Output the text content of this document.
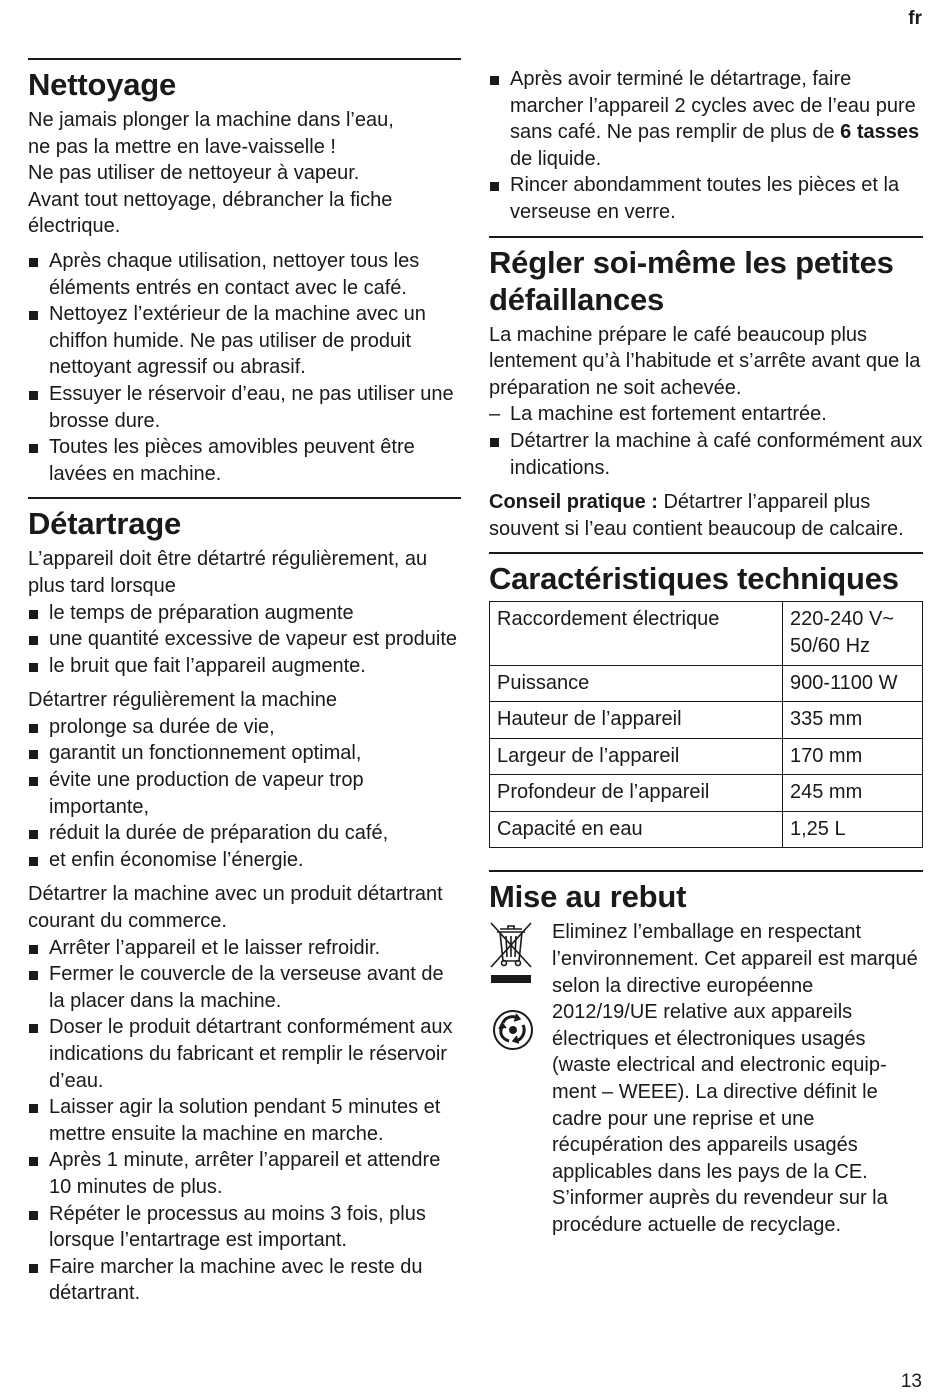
fr
Nettoyage

Ne jamais plonger la machine dans l’eau,

ne pas la mettre en lave-vaisselle !

Ne pas utiliser de nettoyeur à vapeur.

Avant tout nettoyage, débrancher la fiche

électrique.

Après chaque utilisation, nettoyer tous les éléments entrés en contact avec le café.
Nettoyez l’extérieur de la machine avec un chiffon humide. Ne pas utiliser de produit nettoyant agressif ou abrasif.
Essuyer le réservoir d’eau, ne pas utiliser une brosse dure.
Toutes les pièces amovibles peuvent être lavées en machine.
Détartrage

L’appareil doit être détartré régulièrement, au plus tard lorsque

le temps de préparation augmente
une quantité excessive de vapeur est produite
le bruit que fait l’appareil augmente.

Détartrer régulièrement la machine

prolonge sa durée de vie,
garantit un fonctionnement optimal,
évite une production de vapeur trop importante,
réduit la durée de préparation du café,
et enfin économise l’énergie.

Détartrer la machine avec un produit détartrant courant du commerce.

Arrêter l’appareil et le laisser refroidir.
Fermer le couvercle de la verseuse avant de la placer dans la machine.
Doser le produit détartrant conformément aux indications du fabricant et remplir le réservoir d’eau.
Laisser agir la solution pendant 5 minutes et mettre ensuite la machine en marche.
Après 1 minute, arrêter l’appareil et attendre 10 minutes de plus.
Répéter le processus au moins 3 fois, plus lorsque l’entartrage est important.
Faire marcher la machine avec le reste du détartrant.
Après avoir terminé le détartrage, faire marcher l’appareil 2 cycles avec de l’eau pure sans café. Ne pas remplir de plus de 6 tasses de liquide.
Rincer abondamment toutes les pièces et la verseuse en verre.
Régler soi-même les petites
défaillances

La machine prépare le café beaucoup plus lentement qu’à l’habitude et s’arrête avant que la préparation ne soit achevée.

– La machine est fortement entartrée.
Détartrer la machine à café conformément aux indications.

Conseil pratique : Détartrer l’appareil plus souvent si l’eau contient beaucoup de calcaire.

Caractéristiques techniques
Raccordement électrique	220-240 V~
50/60 Hz
Puissance	900-1100 W
Hauteur de l’appareil	335 mm
Largeur de l’appareil	170 mm
Profondeur de l’appareil	245 mm
Capacité en eau	1,25 L
Mise au rebut

Eliminez l’emballage en respectant l’environnement. Cet appareil est marqué selon la directive européenne 2012/19/UE relative aux appareils électriques et électroniques usagés (waste electrical and electronic equipment – WEEE). La directive définit le cadre pour une reprise et une récupération des appareils usagés applicables dans les pays de la CE. S’informer auprès du revendeur sur la procédure actuelle de recyclage.

13
